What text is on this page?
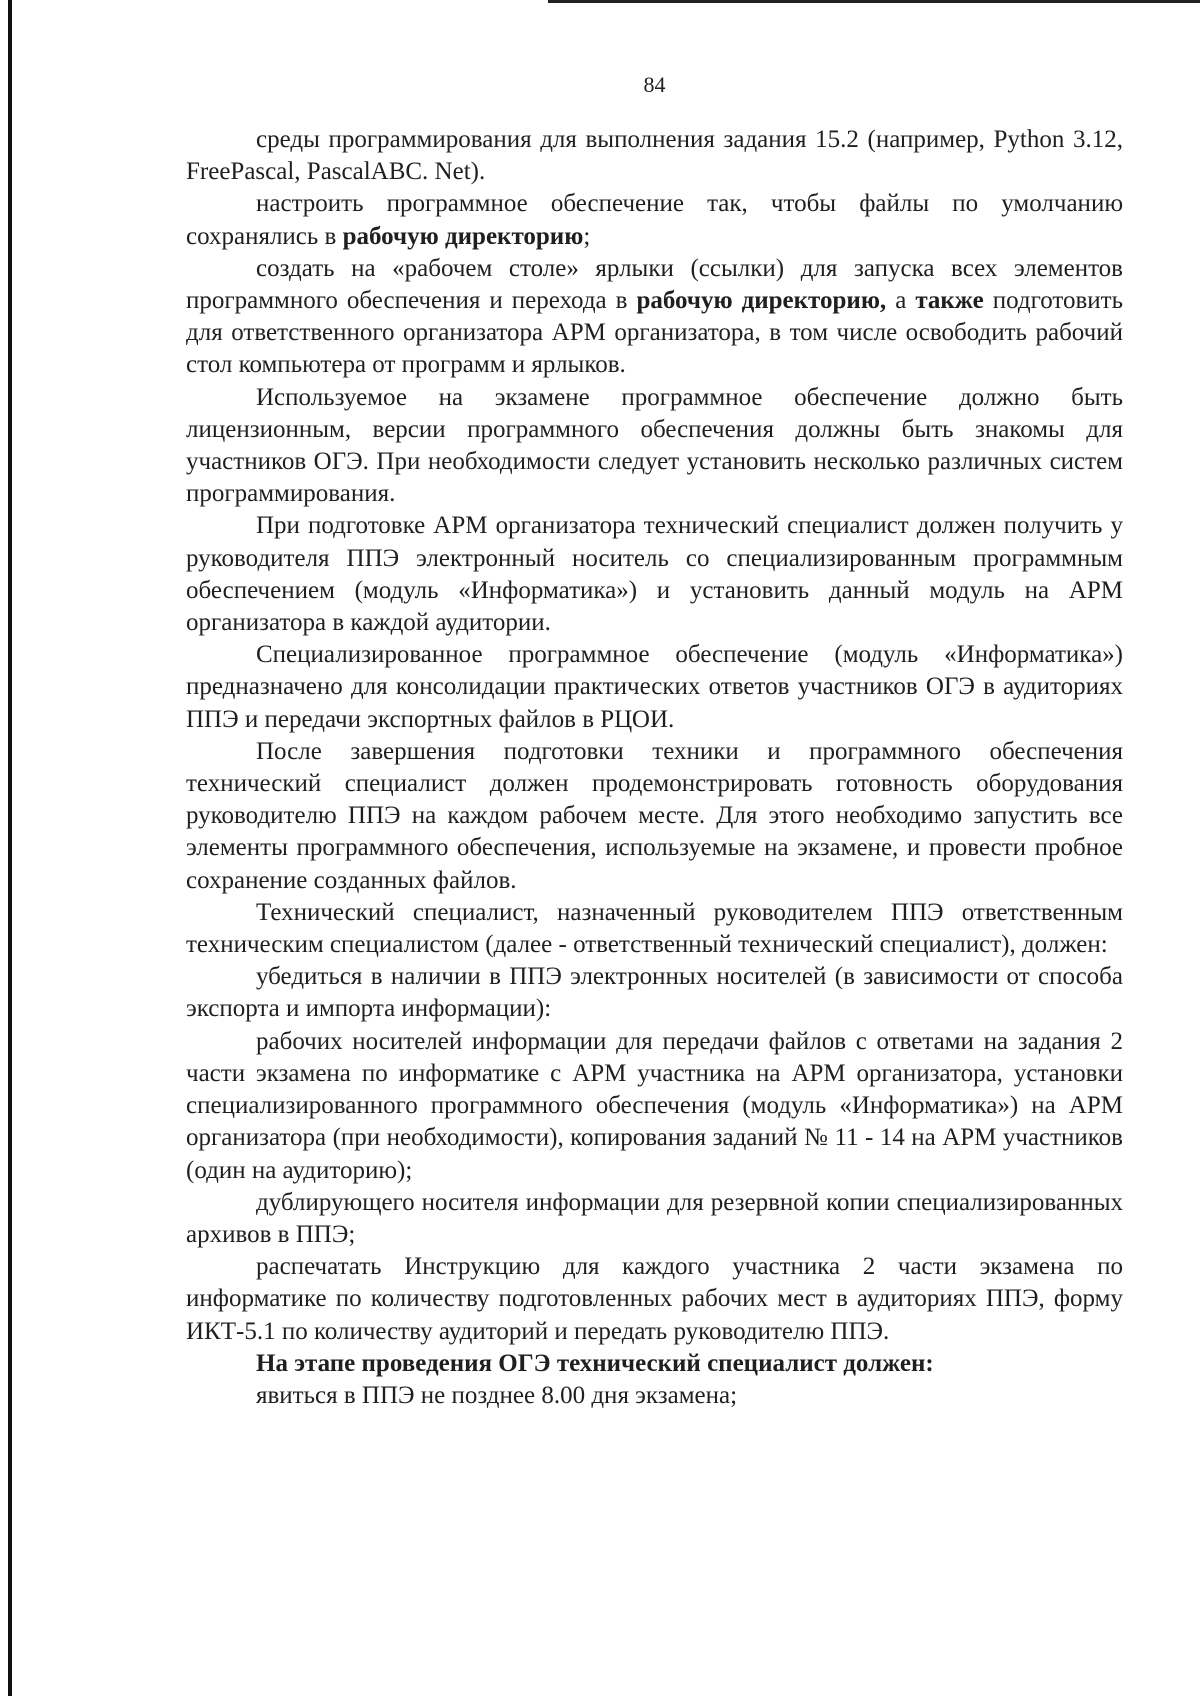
84

среды программирования для выполнения задания 15.2 (например, Python 3.12, FreePascal, PascalABC. Net).

настроить программное обеспечение так, чтобы файлы по умолчанию сохранялись в рабочую директорию;

создать на «рабочем столе» ярлыки (ссылки) для запуска всех элементов программного обеспечения и перехода в рабочую директорию, а также подготовить для ответственного организатора АРМ организатора, в том числе освободить рабочий стол компьютера от программ и ярлыков.

Используемое на экзамене программное обеспечение должно быть лицензионным, версии программного обеспечения должны быть знакомы для участников ОГЭ. При необходимости следует установить несколько различных систем программирования.

При подготовке АРМ организатора технический специалист должен получить у руководителя ППЭ электронный носитель со специализированным программным обеспечением (модуль «Информатика») и установить данный модуль на АРМ организатора в каждой аудитории.

Специализированное программное обеспечение (модуль «Информатика») предназначено для консолидации практических ответов участников ОГЭ в аудиториях ППЭ и передачи экспортных файлов в РЦОИ.

После завершения подготовки техники и программного обеспечения технический специалист должен продемонстрировать готовность оборудования руководителю ППЭ на каждом рабочем месте. Для этого необходимо запустить все элементы программного обеспечения, используемые на экзамене, и провести пробное сохранение созданных файлов.

Технический специалист, назначенный руководителем ППЭ ответственным техническим специалистом (далее - ответственный технический специалист), должен:

убедиться в наличии в ППЭ электронных носителей (в зависимости от способа экспорта и импорта информации):

рабочих носителей информации для передачи файлов с ответами на задания 2 части экзамена по информатике с АРМ участника на АРМ организатора, установки специализированного программного обеспечения (модуль «Информатика») на АРМ организатора (при необходимости), копирования заданий № 11 - 14 на АРМ участников (один на аудиторию);

дублирующего носителя информации для резервной копии специализированных архивов в ППЭ;

распечатать Инструкцию для каждого участника 2 части экзамена по информатике по количеству подготовленных рабочих мест в аудиториях ППЭ, форму ИКТ-5.1 по количеству аудиторий и передать руководителю ППЭ.

На этапе проведения ОГЭ технический специалист должен:

явиться в ППЭ не позднее 8.00 дня экзамена;
